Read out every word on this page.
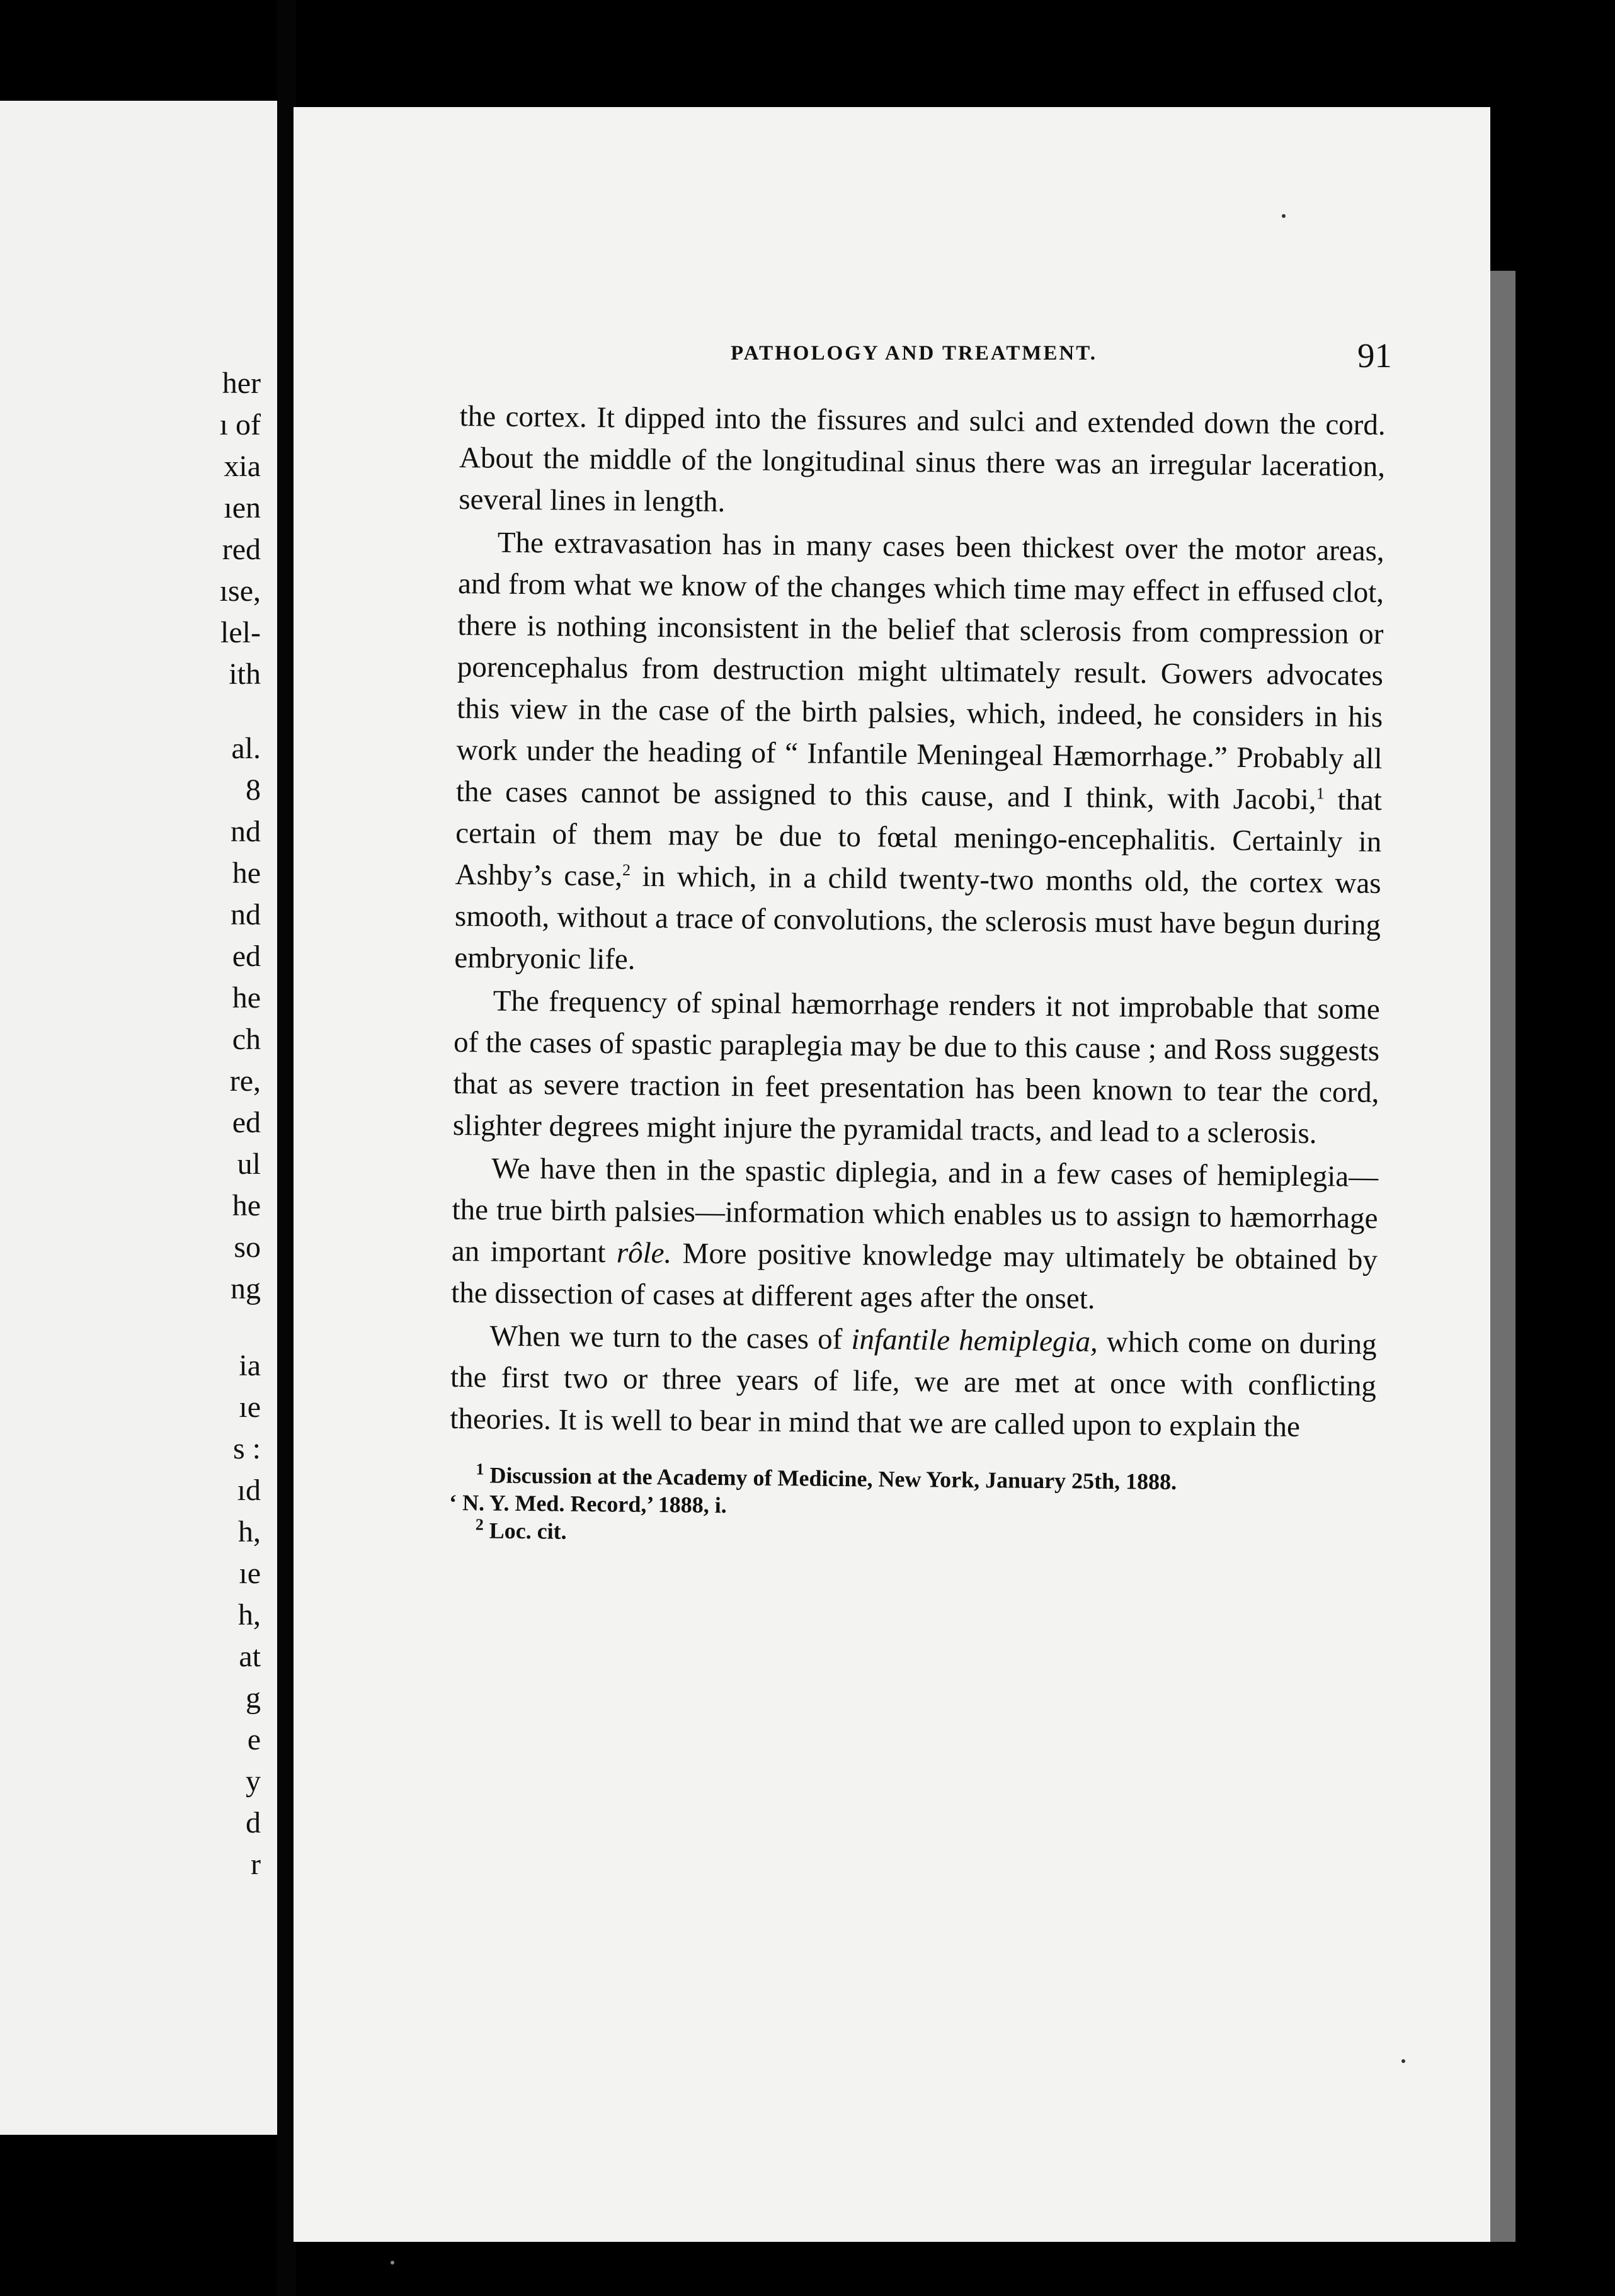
her
ı of
xia
ıen
red
ıse,
lel-
ith
al.
8
nd
he
nd
ed
he
ch
re,
ed
ul
he
so
ng
ia
ıe
s :
ıd
h,
ıe
h,
at
g
e
y
d
r
PATHOLOGY AND TREATMENT.	91

the cortex. It dipped into the fissures and sulci and extended down the cord. About the middle of the longitudinal sinus there was an irregular laceration, several lines in length.

The extravasation has in many cases been thickest over the motor areas, and from what we know of the changes which time may effect in effused clot, there is nothing inconsistent in the belief that sclerosis from compression or porencephalus from destruction might ultimately result. Gowers advocates this view in the case of the birth palsies, which, indeed, he considers in his work under the heading of “ Infantile Meningeal Hæmorrhage.” Probably all the cases cannot be assigned to this cause, and I think, with Jacobi,$^1$ that certain of them may be due to fœtal meningo-encephalitis. Certainly in Ashby’s case,$^2$ in which, in a child twenty-two months old, the cortex was smooth, without a trace of convolutions, the sclerosis must have begun during embryonic life.

The frequency of spinal hæmorrhage renders it not improbable that some of the cases of spastic paraplegia may be due to this cause ; and Ross suggests that as severe traction in feet presentation has been known to tear the cord, slighter degrees might injure the pyramidal tracts, and lead to a sclerosis.

We have then in the spastic diplegia, and in a few cases of hemiplegia—the true birth palsies—information which enables us to assign to hæmorrhage an important rôle. More positive knowledge may ultimately be obtained by the dissection of cases at different ages after the onset.

When we turn to the cases of infantile hemiplegia, which come on during the first two or three years of life, we are met at once with conflicting theories. It is well to bear in mind that we are called upon to explain the

$^1$ Discussion at the Academy of Medicine, New York, January 25th, 1888.

‘ N. Y. Med. Record,’ 1888, i.

$^2$ Loc. cit.
